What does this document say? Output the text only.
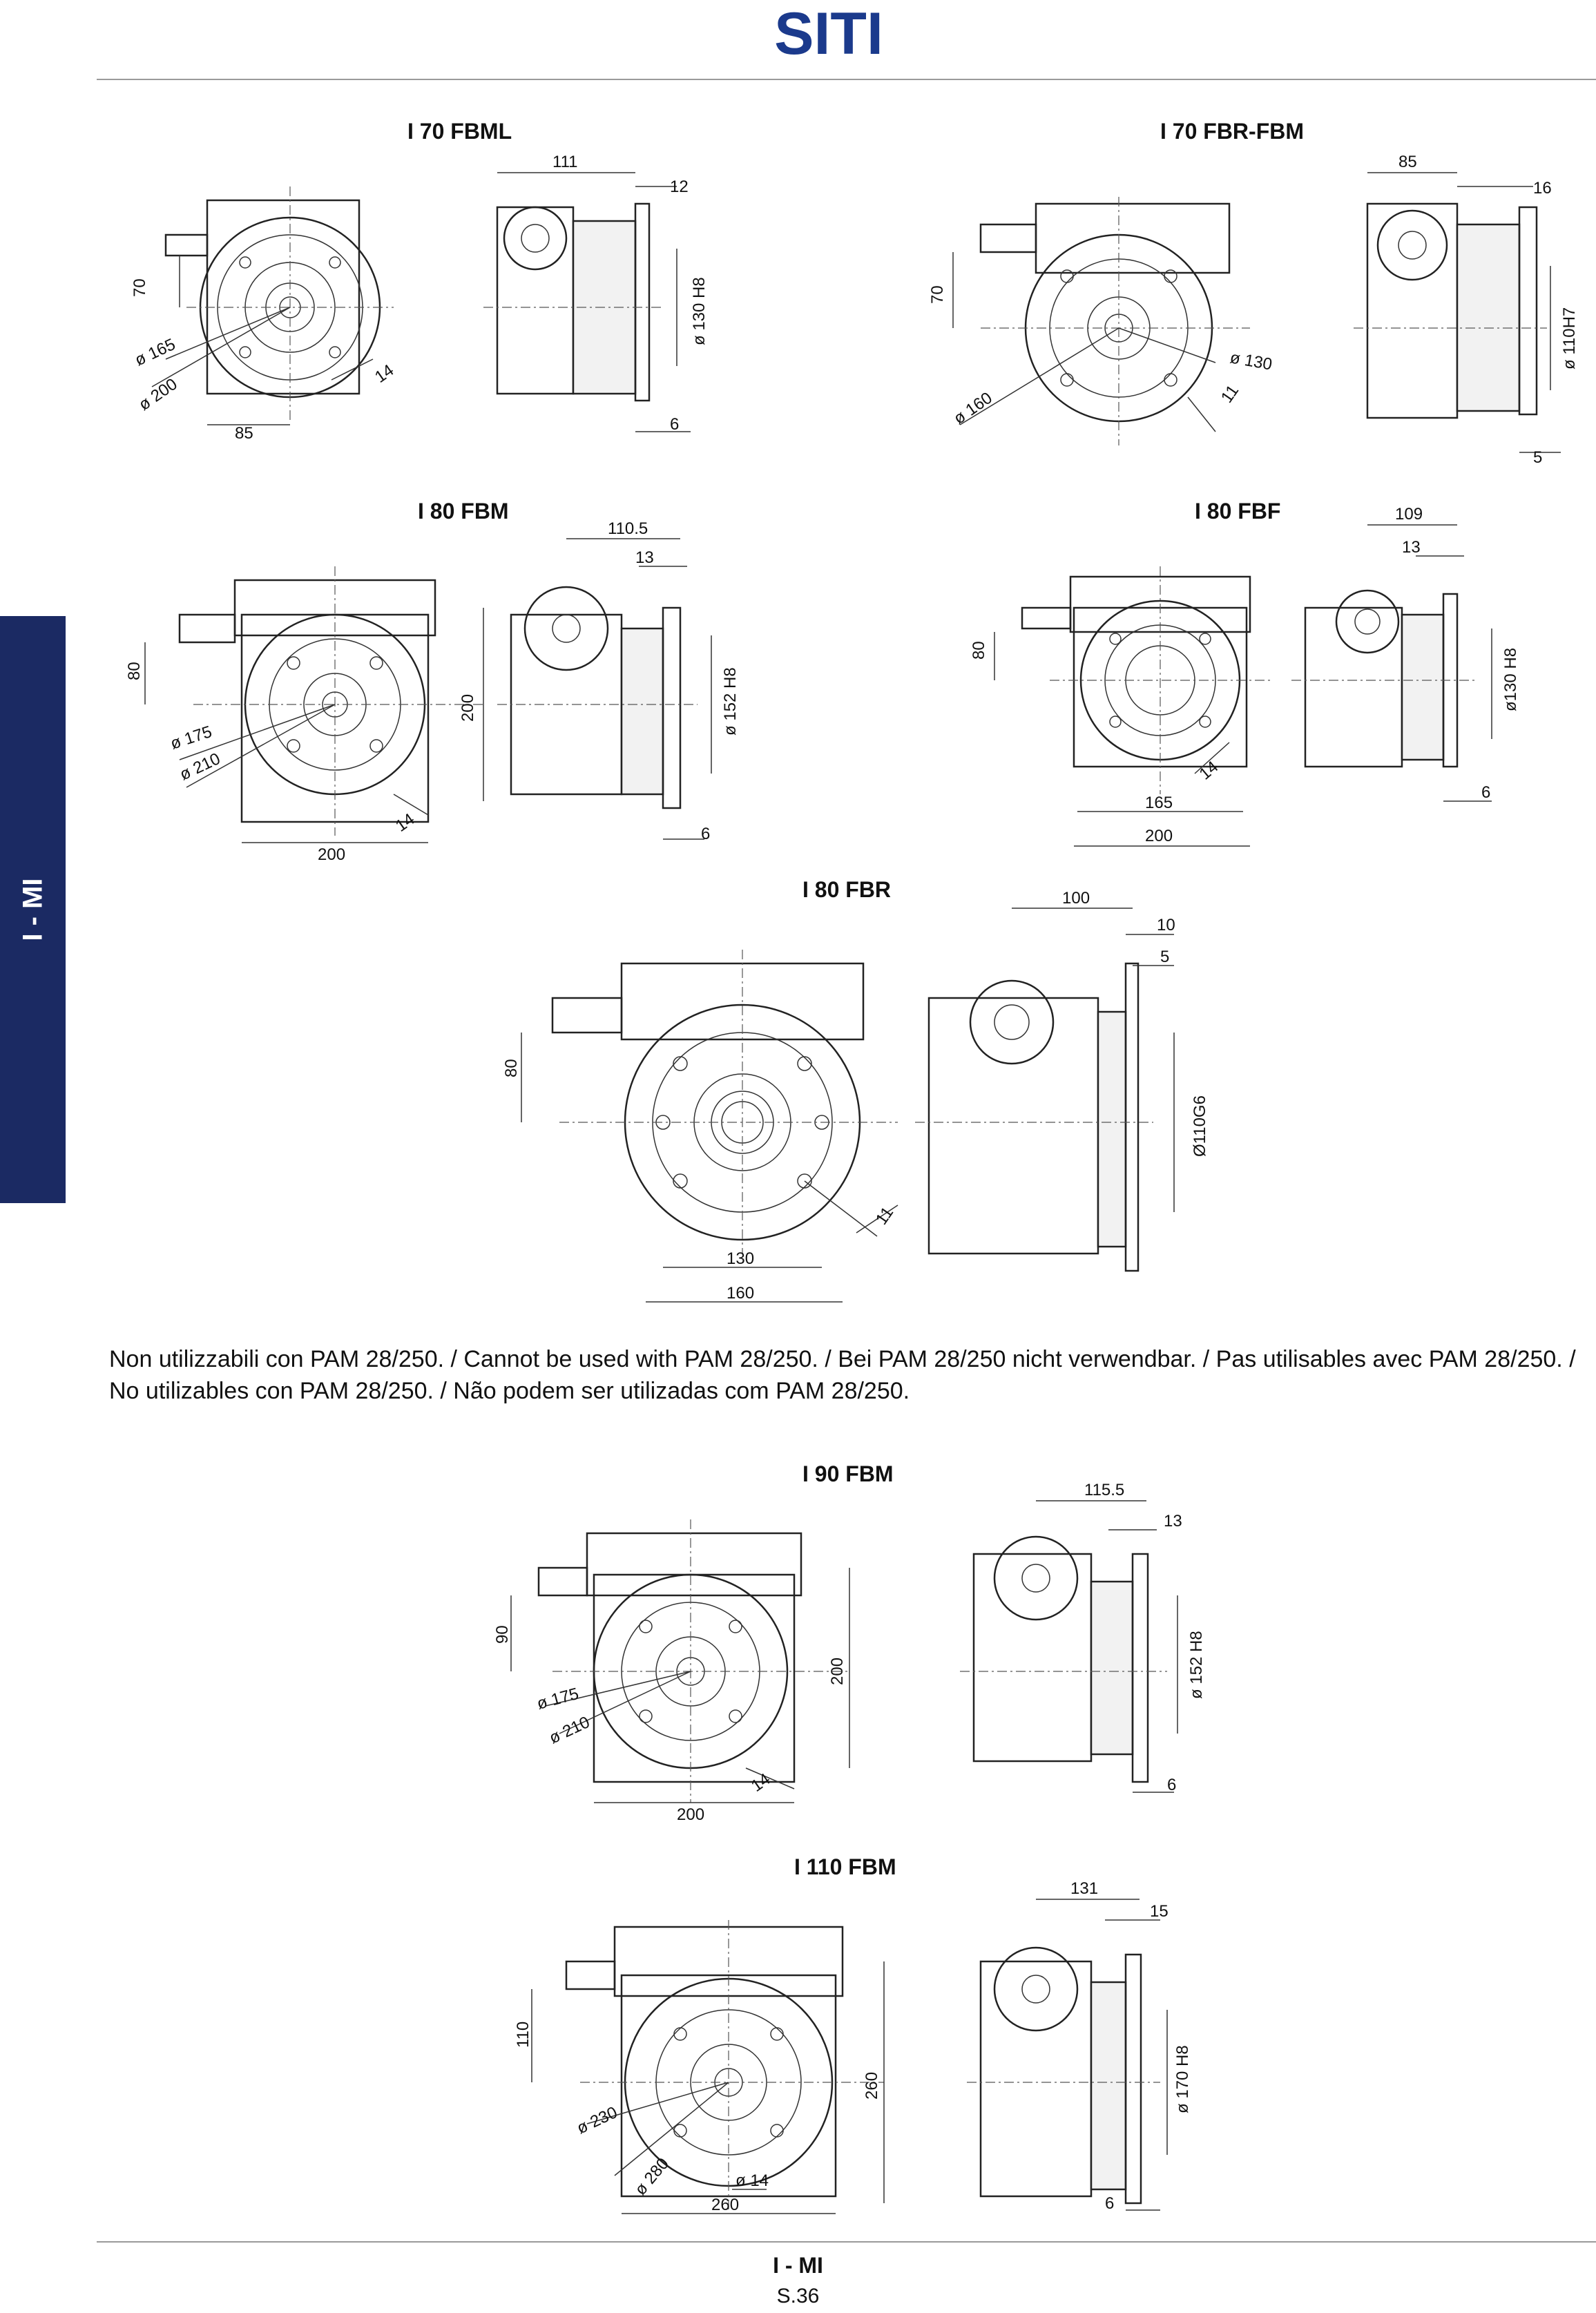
SITI
I - MI
I 70 FBML
70
ø 165
ø 200
14
85
111
12
ø 130 H8
6
I 70 FBR-FBM
70
ø 160
ø 130
11
85
16
ø 110H7
5
I 80 FBM
80
ø 175
ø 210
200
14
200
110.5
13
ø 152 H8
6
I 80 FBF
80
14
165
200
109
13
ø130 H8
6
I 80 FBR
80
11
130
160
100
10
5
Ø110G6
Non utilizzabili con PAM 28/250. / Cannot be used with PAM 28/250. / Bei PAM 28/250 nicht verwendbar. / Pas utilisables avec PAM 28/250. / No utilizables con PAM 28/250. / Não podem ser utilizadas com PAM 28/250.
I 90 FBM
90
ø 175
ø 210
200
14
200
115.5
13
ø 152 H8
6
I 110 FBM
110
ø 230
ø 280
260
ø 14
260
131
15
ø 170 H8
6
I - MI
S.36
